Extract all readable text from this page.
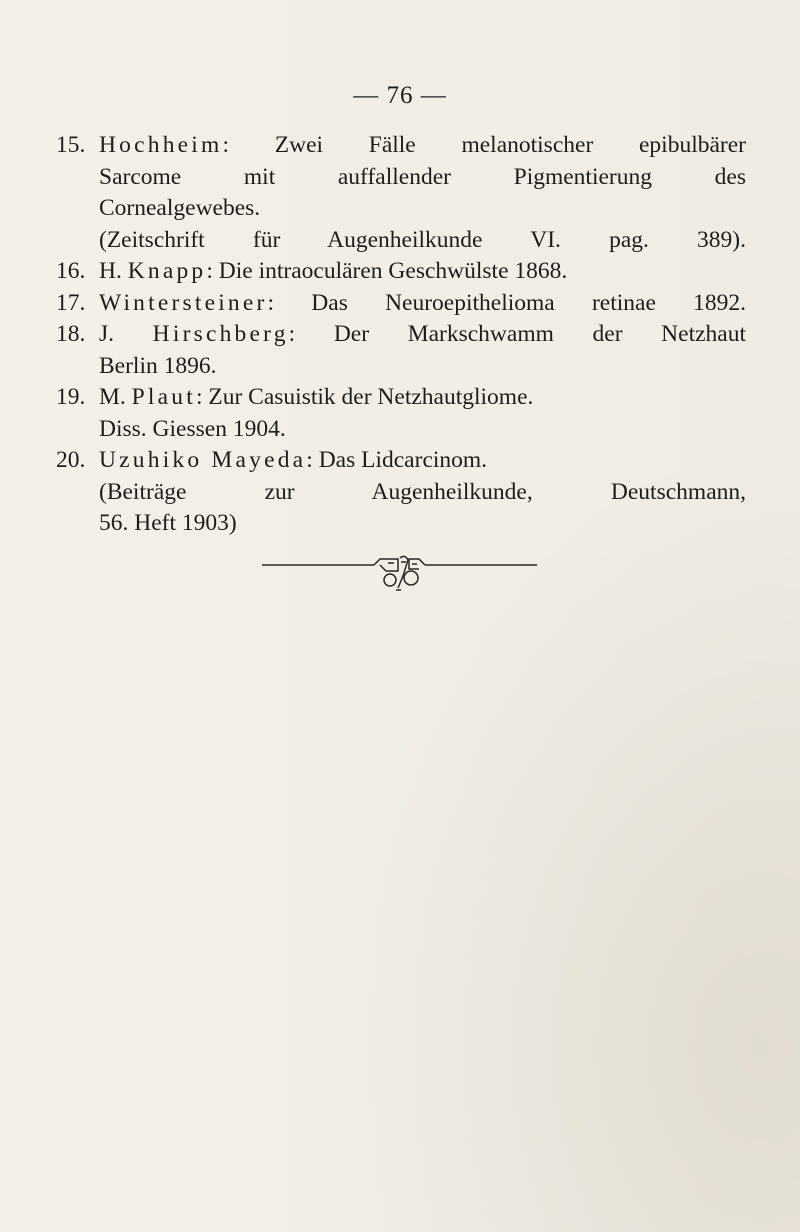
— 76 —
15. Hochheim: Zwei Fälle melanotischer epibulbärer
Sarcome mit auffallender Pigmentierung des
Cornealgewebes.
(Zeitschrift für Augenheilkunde VI. pag. 389).
16. H. Knapp: Die intraoculären Geschwülste 1868.
17. Wintersteiner: Das Neuroepithelioma retinae 1892.
18. J. Hirschberg: Der Markschwamm der Netzhaut
Berlin 1896.
19. M. Plaut: Zur Casuistik der Netzhautgliome.
Diss. Giessen 1904.
20. Uzuhiko Mayeda: Das Lidcarcinom.
(Beiträge zur Augenheilkunde, Deutschmann,
56. Heft 1903)
